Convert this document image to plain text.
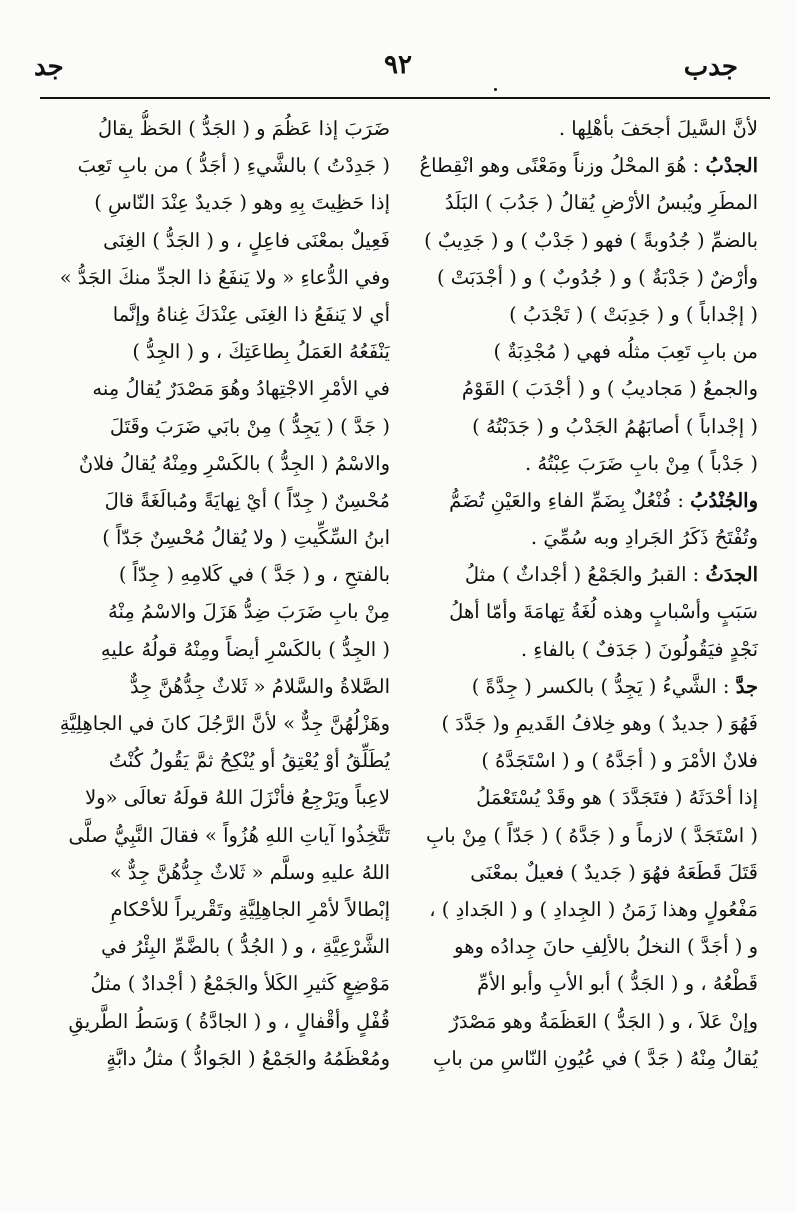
جدب
٩٢
جد
لأنَّ السَّيلَ أجحَفَ بأهْلِها .
الجدْبُ : هُوَ المحْلُ وزناً ومَعْنًى وهو انْقِطاعُ
المطَرِ ويُبسُ الأرْضِ يُقالُ ( جَدُبَ ) البَلَدُ
بالضمِّ ( جُدُوبةً ) فهو ( جَدْبٌ ) و ( جَدِيبٌ )
وأرْضٌ ( جَدْبَةٌ ) و ( جُدُوبٌ ) و ( أجْدَبَتْ )
( إجْداباً ) و ( جَدِبَتْ ) ( تَجْدَبُ )
من بابِ تَعِبَ مثلُه فهي ( مُجْدِبَةٌ )
والجمعُ ( مَجاديبُ ) و ( أجْدَبَ ) القَوْمُ
( إجْداباً ) أصابَهُمُ الجَدْبُ و ( جَدَبْتُهُ )
( جَدْباً ) مِنْ بابِ ضَرَبَ عِبْتُهُ .
والجُنْدُبُ : فُنْعُلٌ بِضَمِّ الفاءِ والعَيْنِ تُضَمُّ
وتُفْتَحُ ذَكَرُ الجَرادِ وبه سُمِّيَ .
الجدَثُ : القبرُ والجَمْعُ ( أجْداثٌ ) مثلُ
سَبَبٍ وأسْبابٍ وهذه لُغَةُ تِهامَةَ وأمّا أهلُ
نَجْدٍ فيَقُولُونَ ( جَدَفٌ ) بالفاءِ .
جدَّ : الشَّيءُ ( يَجِدُّ ) بالكسر ( جِدَّةً )
فَهُوَ ( جديدٌ ) وهو خِلافُ القَديمِ و( جَدَّدَ )
فلانٌ الأمْرَ و ( أجَدَّهُ ) و ( اسْتَجَدَّهُ )
إذا أحْدَثَهُ ( فتَجَدَّدَ ) هو وقَدْ يُسْتَعْمَلُ
( اسْتَجَدَّ ) لازماً و ( جَدَّهُ ) ( جَدّاً ) مِنْ بابِ
قَتَلَ قَطَعَهُ فهُوَ ( جَديدٌ ) فعيلٌ بمعْنَى
مَفْعُولٍ وهذا زَمَنُ ( الجِدادِ ) و ( الجَدادِ ) ،
و ( أجَدَّ ) النخلُ بالألِفِ حانَ جِدادُه وهو
قَطْعُهُ ، و ( الجَدُّ ) أبو الأبِ وأبو الأمِّ
وإنْ عَلاَ ، و ( الجَدُّ ) العَظَمَةُ وهو مَصْدَرٌ
يُقالُ مِنْهُ ( جَدَّ ) في عُيُونِ النّاسِ من بابِ
ضَرَبَ إذا عَظُمَ و ( الجَدُّ ) الحَظُّ يقالُ
( جَدِدْتُ ) بالشَّيءِ ( أجَدُّ ) من بابِ تَعِبَ
إذا حَظِيتَ بِهِ وهو ( جَديدٌ عِنْدَ النّاسِ )
فَعِيلٌ بمعْنَى فاعِلٍ ، و ( الجَدُّ ) الغِنَى
وفي الدُّعاءِ « ولا يَنفَعُ ذا الجدِّ منكَ الجَدُّ »
أي لا يَنفَعُ ذا الغِنَى عِنْدَكَ غِناهُ وإنَّما
يَنْفَعُهُ العَمَلُ بِطاعَتِكَ ، و ( الجِدُّ )
في الأمْرِ الاجْتِهادُ وهُوَ مَصْدَرٌ يُقالُ مِنه
( جَدَّ ) ( يَجِدُّ ) مِنْ بابَي ضَرَبَ وقَتَلَ
والاسْمُ ( الجِدُّ ) بالكَسْرِ ومِنْهُ يُقالُ فلانٌ
مُحْسِنٌ ( جِدّاً ) أيْ نِهايَةً ومُبالَغَةً قالَ
ابنُ السِّكِّيتِ ( ولا يُقالُ مُحْسِنٌ جَدّاً )
بالفتحِ ، و ( جَدَّ ) في كَلامِهِ ( جِدّاً )
مِنْ بابِ ضَرَبَ ضِدُّ هَزَلَ والاسْمُ مِنْهُ
( الجِدُّ ) بالكَسْرِ أيضاً ومِنْهُ قولُهُ عليهِ
الصَّلاةُ والسَّلامُ « ثَلاثٌ جِدُّهُنَّ جِدٌّ
وهَزْلُهُنَّ جِدٌّ » لأنَّ الرَّجُلَ كانَ في الجاهِلِيَّةِ
يُطَلِّقُ أوْ يُعْتِقُ أو يُنْكِحُ ثمَّ يَقُولُ كُنْتُ
لاعِباً ويَرْجِعُ فأنْزَلَ اللهُ قولَهُ تعالَى «ولا
تَتَّخِذُوا آياتِ اللهِ هُزُواً » فقالَ النَّبِيُّ صلَّى
اللهُ عليهِ وسلَّم « ثَلاثٌ جِدُّهُنَّ جِدٌّ »
إبْطالاً لأمْرِ الجاهِلِيَّةِ وتَقْريراً للأحْكامِ
الشَّرْعِيَّةِ ، و ( الجُدُّ ) بالضَّمِّ البِئْرُ في
مَوْضِعٍ كَثيرِ الكَلأ والجَمْعُ ( أجْدادٌ ) مثلُ
قُفْلٍ وأقْفالٍ ، و ( الجادَّةُ ) وَسَطُ الطَّريقِ
ومُعْظَمُهُ والجَمْعُ ( الجَوادُّ ) مثلُ دابَّةٍ
